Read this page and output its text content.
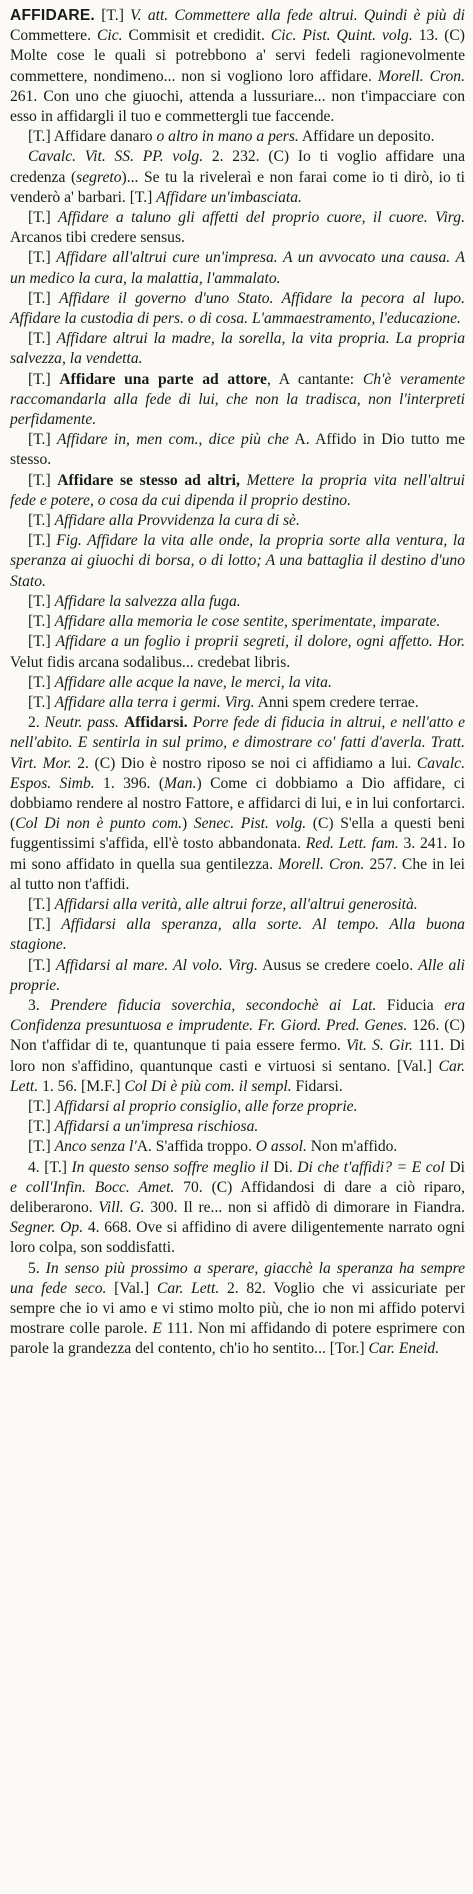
AFFIDARE. [T.] V. att. Commettere alla fede altrui. Quindi è più di Commettere. Cic. Commisit et credidit. Cic. Pist. Quint. volg. 13. (C) Molte cose le quali si potrebbono a' servi fedeli ragionevolmente commettere, nondimeno... non si vogliono loro affidare. Morell. Cron. 261. Con uno che giuochi, attenda a lussuriare... non t'impacciare con esso in affidargli il tuo e commettergli tue faccende.

[T.] Affidare danaro o altro in mano a pers. Affidare un deposito.

Cavalc. Vit. SS. PP. volg. 2. 232. (C) Io ti voglio affidare una credenza (segreto)... Se tu la riveleraì e non farai come io ti dirò, io ti venderò a' barbari. [T.] Affidare un'imbasciata.

[T.] Affidare a taluno gli affetti del proprio cuore, il cuore. Virg. Arcanos tibi credere sensus.

[T.] Affidare all'altrui cure un'impresa. A un avvocato una causa. A un medico la cura, la malattia, l'ammalato.

[T.] Affidare il governo d'uno Stato. Affidare la pecora al lupo. Affidare la custodia di pers. o di cosa. L'ammaestramento, l'educazione.

[T.] Affidare altrui la madre, la sorella, la vita propria. La propria salvezza, la vendetta.

[T.] Affidare una parte ad attore, A cantante: Ch'è veramente raccomandarla alla fede di lui, che non la tradisca, non l'interpreti perfidamente.

[T.] Affidare in, men com., dice più che A. Affido in Dio tutto me stesso.

[T.] Affidare se stesso ad altri, Mettere la propria vita nell'altrui fede e potere, o cosa da cui dipenda il proprio destino.

[T.] Affidare alla Provvidenza la cura di sè.

[T.] Fig. Affidare la vita alle onde, la propria sorte alla ventura, la speranza ai giuochi di borsa, o di lotto; A una battaglia il destino d'uno Stato.

[T.] Affidare la salvezza alla fuga.

[T.] Affidare alla memoria le cose sentite, sperimentate, imparate.

[T.] Affidare a un foglio i proprii segreti, il dolore, ogni affetto. Hor. Velut fidis arcana sodalibus... credebat libris.

[T.] Affidare alle acque la nave, le merci, la vita.

[T.] Affidare alla terra i germi. Virg. Anni spem credere terrae.

2. Neutr. pass. Affidarsi. Porre fede di fiducia in altrui, e nell'atto e nell'abito. E sentirla in sul primo, e dimostrare co' fatti d'averla. Tratt. Virt. Mor. 2. (C) Dio è nostro riposo se noi ci affidiamo a lui. Cavalc. Espos. Simb. 1. 396. (Man.) Come ci dobbiamo a Dio affidare, ci dobbiamo rendere al nostro Fattore, e affidarci di lui, e in lui confortarci. (Col Di non è punto com.) Senec. Pist. volg. (C) S'ella a questi beni fuggentissimi s'affida, ell'è tosto abbandonata. Red. Lett. fam. 3. 241. Io mi sono affidato in quella sua gentilezza. Morell. Cron. 257. Che in lei al tutto non t'affidi.

[T.] Affidarsi alla verità, alle altrui forze, all'altrui generosità.

[T.] Affidarsi alla speranza, alla sorte. Al tempo. Alla buona stagione.

[T.] Affidarsi al mare. Al volo. Virg. Ausus se credere coelo. Alle ali proprie.

3. Prendere fiducia soverchia, secondochè ai Lat. Fiducia era Confidenza presuntuosa e imprudente. Fr. Giord. Pred. Genes. 126. (C) Non t'affidar di te, quantunque ti paia essere fermo. Vit. S. Gir. 111. Di loro non s'affidino, quantunque casti e virtuosi si sentano. [Val.] Car. Lett. 1. 56. [M.F.] Col Di è più com. il sempl. Fidarsi.

[T.] Affidarsi al proprio consiglio, alle forze proprie.

[T.] Affidarsi a un'impresa rischiosa.

[T.] Anco senza l'A. S'affida troppo. O assol. Non m'affido.

4. [T.] In questo senso soffre meglio il Di. Di che t'affidi? = E col Di e coll'Infin. Bocc. Amet. 70. (C) Affidandosi di dare a ciò riparo, deliberarono. Vill. G. 300. Il re... non si affidò di dimorare in Fiandra. Segner. Op. 4. 668. Ove si affidino di avere diligentemente narrato ogni loro colpa, son soddisfatti.

5. In senso più prossimo a sperare, giacchè la speranza ha sempre una fede seco. [Val.] Car. Lett. 2. 82. Voglio che vi assicuriate per sempre che io vi amo e vi stimo molto più, che io non mi affido potervi mostrare colle parole. E 111. Non mi affidando di potere esprimere con parole la grandezza del contento, ch'io ho sentito... [Tor.] Car. Eneid.
